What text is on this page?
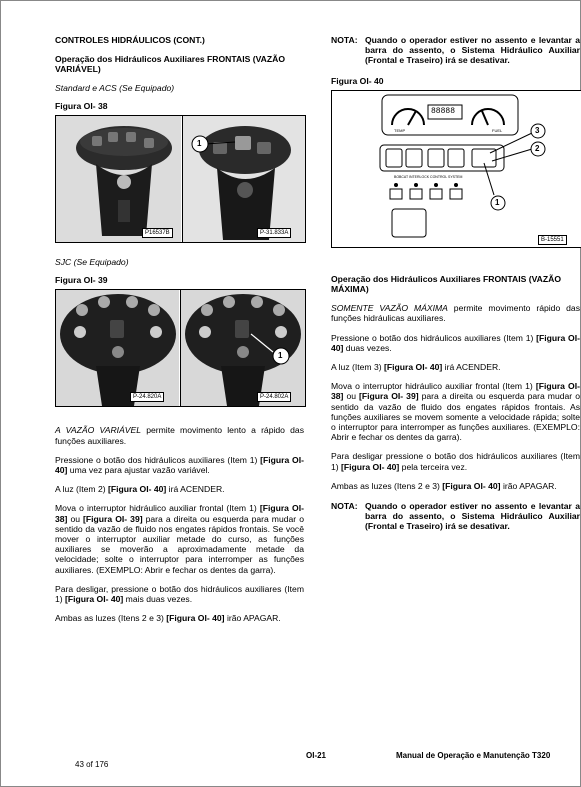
CONTROLES HIDRÁULICOS (CONT.)

Operação dos Hidráulicos Auxiliares FRONTAIS (VAZÃO VARIÁVEL)

Standard e ACS (Se Equipado)

Figura OI- 38

P16537B
1
P-31.833A

SJC (Se Equipado)

Figura OI- 39

P-24.820A
1
P-24.802A

A VAZÃO VARIÁVEL permite movimento lento a rápido das funções auxiliares.

Pressione o botão dos hidráulicos auxiliares (Item 1) [Figura OI- 40] uma vez para ajustar vazão variável.

A luz (Item 2) [Figura OI- 40] irá ACENDER.

Mova o interruptor hidráulico auxiliar frontal (Item 1) [Figura OI- 38] ou [Figura OI- 39] para a direita ou esquerda para mudar o sentido da vazão de fluido nos engates rápidos frontais. Se você mover o interruptor auxiliar metade do curso, as funções auxiliares se moverão a aproximadamente metade da velocidade; solte o interruptor para interromper as funções auxiliares. (EXEMPLO: Abrir e fechar os dentes da garra).

Para desligar, pressione o botão dos hidráulicos auxiliares (Item 1) [Figura OI- 40] mais duas vezes.

Ambas as luzes (Itens 2 e 3) [Figura OI- 40] irão APAGAR.

NOTA: Quando o operador estiver no assento e levantar a barra do assento, o Sistema Hidráulico Auxiliar (Frontal e Traseiro) irá se desativar.

Figura OI- 40

TEMP
88888
FUEL
BOBCAT INTERLOCK CONTROL SYSTEM
3
2
1
B-15551

Operação dos Hidráulicos Auxiliares FRONTAIS (VAZÃO MÁXIMA)

SOMENTE VAZÃO MÁXIMA permite movimento rápido das funções hidráulicas auxiliares.

Pressione o botão dos hidráulicos auxiliares (Item 1) [Figura OI- 40] duas vezes.

A luz (Item 3) [Figura OI- 40] irá ACENDER.

Mova o interruptor hidráulico auxiliar frontal (Item 1) [Figura OI- 38] ou [Figura OI- 39] para a direita ou esquerda para mudar o sentido da vazão de fluido dos engates rápidos frontais. As funções auxiliares se movem somente a velocidade rápida; solte o interruptor para interromper as funções auxiliares. (EXEMPLO: Abrir e fechar os dentes da garra).

Para desligar pressione o botão dos hidráulicos auxiliares (Item 1) [Figura OI- 40] pela terceira vez.

Ambas as luzes (Itens 2 e 3) [Figura OI- 40] irão APAGAR.

NOTA: Quando o operador estiver no assento e levantar a barra do assento, o Sistema Hidráulico Auxiliar (Frontal e Traseiro) irá se desativar.
43 of 176
OI-21	Manual de Operação e Manutenção T320
